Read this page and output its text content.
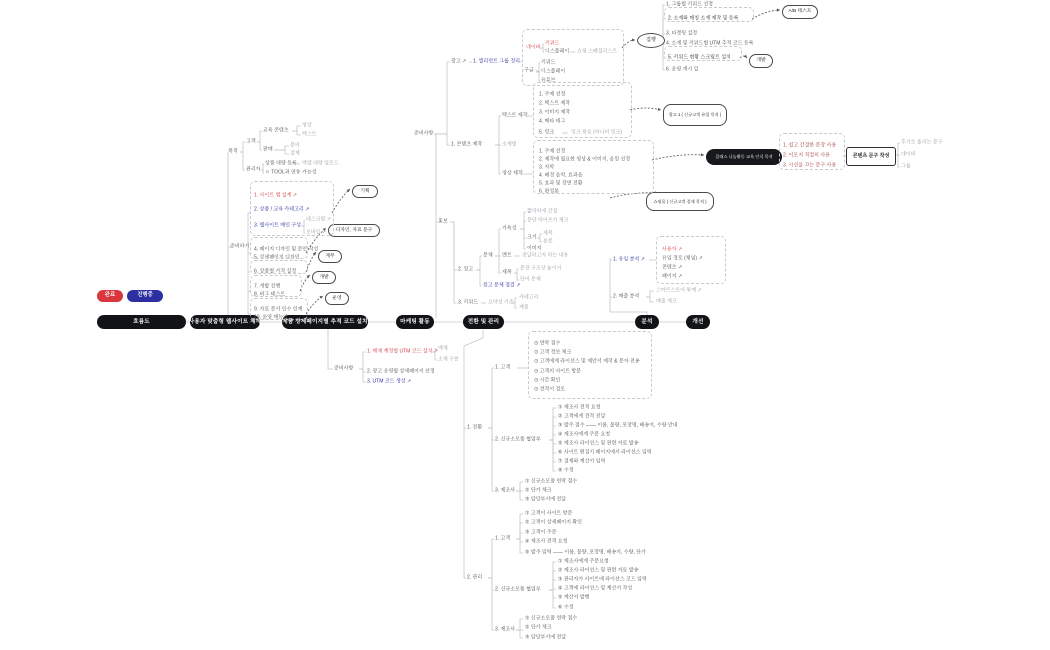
완료	진행중
흐름도	사용자 맞춤형 웹사이트 제작	제품 상세페이지별 추적 코드 설치	마케팅 활동	전환 및 관리	분석	개선
목적
고객
교육 콘텐츠
영상
텍스트
판매
문의
결제
관리자
상품 대량 등록 엑셀 대량 업로드
ㅇ TOOL과 연동 가능성
준비하기
1. 사이트 맵 설계 ↗
2. 상품 / 교육 카테고리 ↗
3. 웹사이트 메인 구성
데스크탑 ↗
모바일 ↗
4. 페이지 디자인 및 문안 작성
5. 상세페이지 디자인
6. 상품별 가격 설정
7. 개발 진행
8. 버그 테스트
9. 자료 문서 인수 인계
10. 운영 매뉴얼
기획
디자인, 자료 문구
재무
개발
운영
준비사항
1. 매체 계정별 UTM 코드 설치 ↗ 매체
소재 구분
2. 광고 운영될 상세페이지 선정
3. UTM 코드 생성 ↗
준비사항
광고 ↗ 1. 엘리먼트 그룹 정리
네이버
키워드
디스플레이 쇼핑 스페셜리스트
구글
키워드
디스플레이
유튜브
1. 콘텐츠 제작	소재별
텍스트 제작
영상 제작
1. 주제 선정
2. 텍스트 제작
3. 이미지 제작
4. 메타 태그
5. 링크	링크 묶음 (하나의 링크)
1. 주제 선정
2. 제작에 필요한 영상 & 이미지, 음원 선정
3. 자막
4. 배경 음악, 효과음
5. 효과 및 장면 전환
6. 완성본
홍보
2. 원고
문체
가독성
짧막하게 간결
문단 띄어쓰기 체크
크기
제목
본문
이미지
멘트 전달하고자 하는 내용
제목
문장 구조상 높이기
단어 문제
원고 문체 점검 ↗
3. 키워드 요약성 기준
카테고리
제품
집행
1. 그룹별 키워드 선정
2. 소재와 매칭 소재 제작 및 등록
3. 타겟팅 설정
4. 소재 및 키워드별 UTM 추적 코드 등록
5. 키워드 현황 스크립트 설치
6. 운영 개시 일
A/B 테스트
개발
광고 1 ( 신규고객 유입 목적 )
클래스 나눔활동 교육 인식 목적
쇼핑몰 ( 신규고객 결제 목적 )
1. 쉽고 간결한 문장 사용
2. 이모지 적절히 사용
3. 시선을 끄는 문구 사용
콘텐츠 문구 작성
후기로 올리는 문구
네이버
그룹
1. 전환
2. 관리
1. 고객
⊙ 연락 접수
⊙ 고객 정보 체크
⊙ 고객에게 라이선스 및 제안서 제작 & 문자 전송
⊙ 고객의 사이트 방문
⊙ 시간 확인
⊙ 견적서 검토
2. 신규소모품 협업부
① 제조사 견적 요청
② 고객에게 견적 전달
③ 발주 접수 —— 이름, 물량, 포장명, 배송지, 수량 안내
④ 제조사에게 주문 요청
⑤ 제조사 라이선스 및 관련 자료 발송
⑥ 사이트 편집기 페이지에서 라이선스 입력
⑦ 결제와 계산서 입력
⑧ 수정
3. 제조사
① 신규소모품 연락 접수
② 단가 체크
③ 담당부서에 전달
1. 고객
① 고객이 사이트 방문
② 고객이 상세페이지 확인
③ 고객이 주문
④ 제조사 견적 요청
⑤ 발주 입력 —— 이름, 물량, 포장명, 배송지, 수량, 단가
2. 신규소모품 협업부
① 제조사에게 주문요청
② 제조사 라이선스 및 관련 자료 발송
③ 관리자가 사이트에 라이선스 코드 입력
④ 고객에 라이선스 및 계산서 작성
⑤ 계산서 발행
⑥ 수정
3. 제조사
① 신규소모품 연락 접수
② 단가 체크
③ 담당부서에 전달
1. 유입 분석 ↗
사용자 ↗
유입 경로 (채널) ↗
콘텐츠 ↗
페이지 ↗
2. 매출 분석
스마트스토어 통계 ↗
매출 체크
